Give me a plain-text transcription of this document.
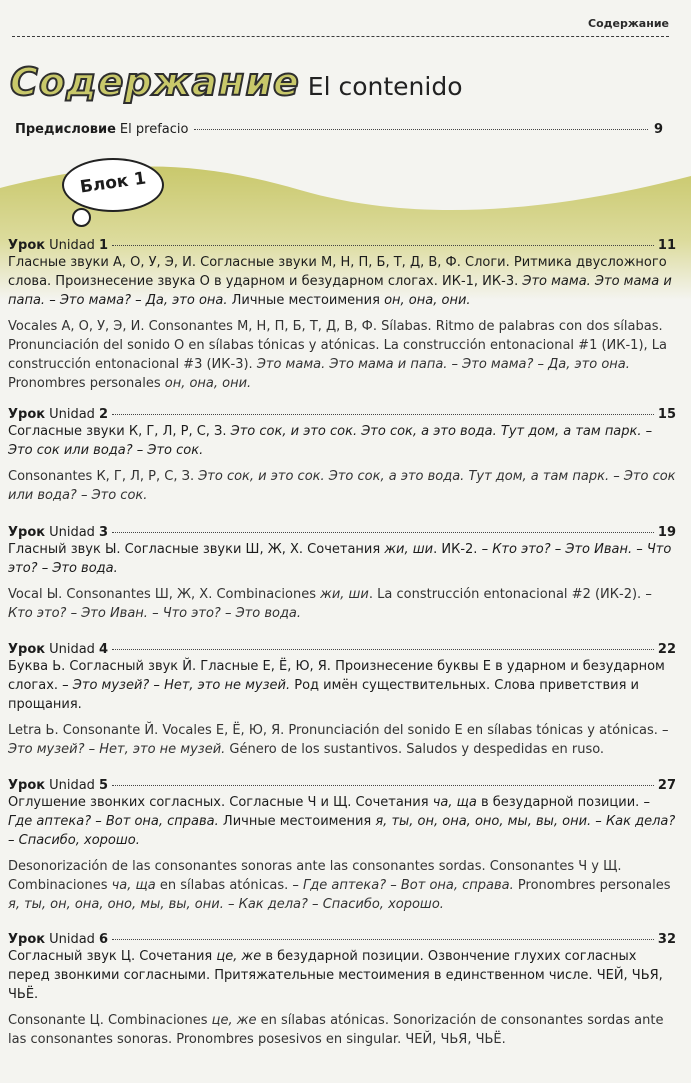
Содержание
Содержание El contenido
Предисловие El prefacio	9
Блок 1
Урок Unidad 1	11
Гласные звуки А, О, У, Э, И. Согласные звуки М, Н, П, Б, Т, Д, В, Ф. Слоги. Ритмика двусложного слова. Произнесение звука О в ударном и безударном слогах. ИК-1, ИК-3. Это мама. Это мама и папа. – Это мама? – Да, это она. Личные местоимения он, она, они.
Vocales А, О, У, Э, И. Consonantes М, Н, П, Б, Т, Д, В, Ф. Sílabas. Ritmo de palabras con dos sílabas. Pronunciación del sonido О en sílabas tónicas y atónicas. La construcción entonacional #1 (ИК-1), La construcción entonacional #3 (ИК-3). Это мама. Это мама и папа. – Это мама? – Да, это она. Pronombres personales он, она, они.
Урок Unidad 2	15
Согласные звуки К, Г, Л, Р, С, З. Это сок, и это сок. Это сок, а это вода. Тут дом, а там парк. – Это сок или вода? – Это сок.
Consonantes К, Г, Л, Р, С, З. Это сок, и это сок. Это сок, а это вода. Тут дом, а там парк. – Это сок или вода? – Это сок.
Урок Unidad 3	19
Гласный звук Ы. Согласные звуки Ш, Ж, Х. Сочетания жи, ши. ИК-2. – Кто это? – Это Иван. – Что это? – Это вода.
Vocal Ы. Consonantes Ш, Ж, Х. Combinaciones жи, ши. La construcción entonacional #2 (ИК-2). – Кто это? – Это Иван. – Что это? – Это вода.
Урок Unidad 4	22
Буква Ь. Согласный звук Й. Гласные Е, Ё, Ю, Я. Произнесение буквы Е в ударном и безударном слогах. – Это музей? – Нет, это не музей. Род имён существительных. Слова приветствия и прощания.
Letra Ь. Consonante Й. Vocales Е, Ё, Ю, Я. Pronunciación del sonido Е en sílabas tónicas y atónicas. – Это музей? – Нет, это не музей. Género de los sustantivos. Saludos y despedidas en ruso.
Урок Unidad 5	27
Оглушение звонких согласных. Согласные Ч и Щ. Сочетания ча, ща в безударной позиции. – Где аптека? – Вот она, справа. Личные местоимения я, ты, он, она, оно, мы, вы, они. – Как дела? – Спасибо, хорошо.
Desonorización de las consonantes sonoras ante las consonantes sordas. Consonantes Ч y Щ. Combinaciones ча, ща en sílabas atónicas. – Где аптека? – Вот она, справа. Pronombres personales я, ты, он, она, оно, мы, вы, они. – Как дела? – Спасибо, хорошо.
Урок Unidad 6	32
Согласный звук Ц. Сочетания це, же в безударной позиции. Озвончение глухих согласных перед звонкими согласными. Притяжательные местоимения в единственном числе. ЧЕЙ, ЧЬЯ, ЧЬЁ.
Consonante Ц. Combinaciones це, же en sílabas atónicas. Sonorización de consonantes sordas ante las consonantes sonoras. Pronombres posesivos en singular. ЧЕЙ, ЧЬЯ, ЧЬЁ.
